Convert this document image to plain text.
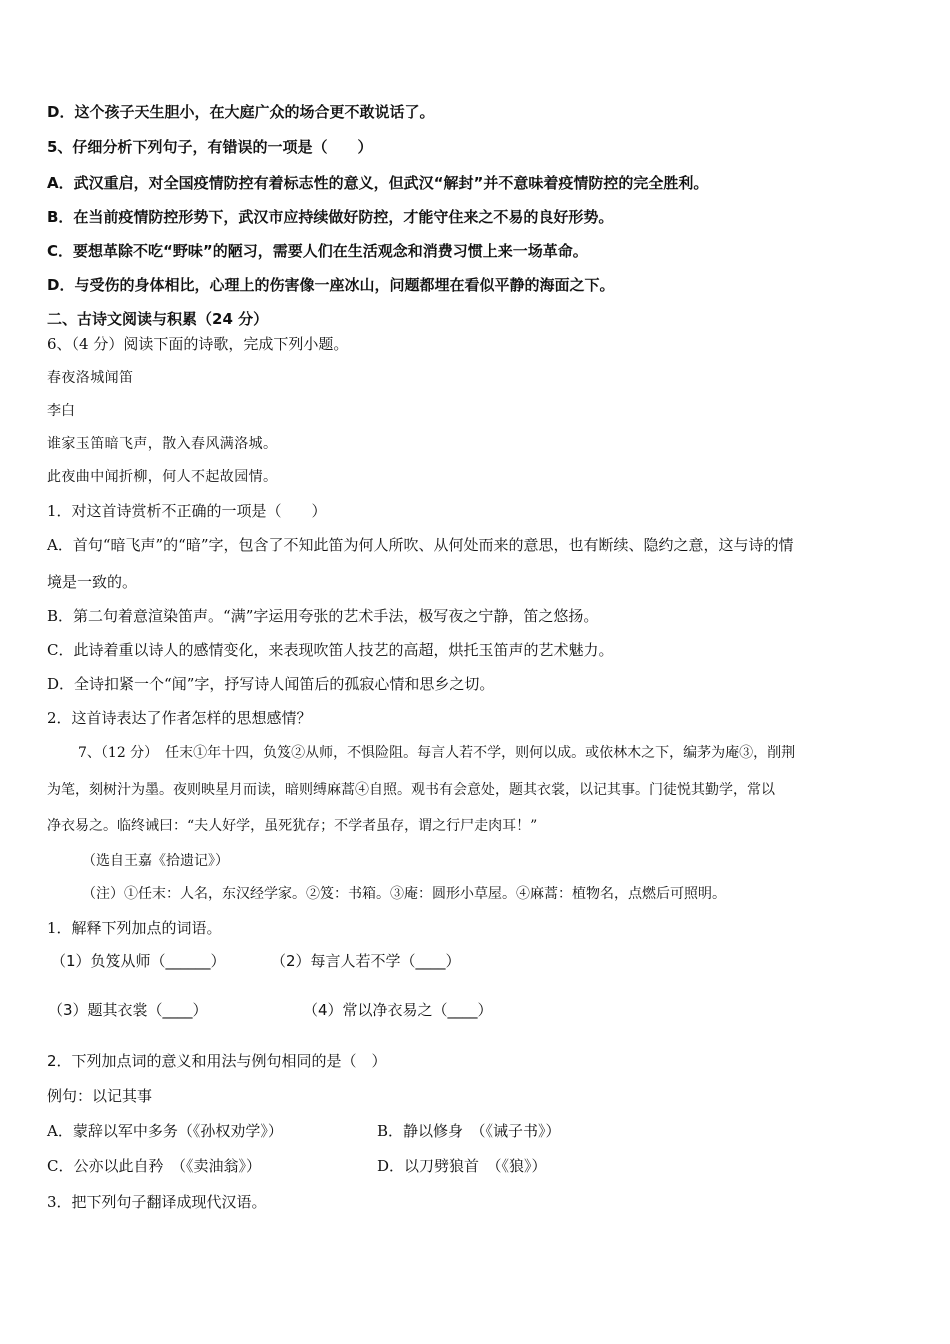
D．这个孩子天生胆小，在大庭广众的场合更不敢说话了。
5、仔细分析下列句子，有错误的一项是（　　）
A．武汉重启，对全国疫情防控有着标志性的意义，但武汉“解封”并不意味着疫情防控的完全胜利。
B．在当前疫情防控形势下，武汉市应持续做好防控，才能守住来之不易的良好形势。
C．要想革除不吃“野味”的陋习，需要人们在生活观念和消费习惯上来一场革命。
D．与受伤的身体相比，心理上的伤害像一座冰山，问题都埋在看似平静的海面之下。
二、古诗文阅读与积累（24 分）
6、（4 分）阅读下面的诗歌，完成下列小题。
春夜洛城闻笛
李白
谁家玉笛暗飞声，散入春风满洛城。
此夜曲中闻折柳，何人不起故园情。
1．对这首诗赏析不正确的一项是（　　）
A．首句“暗飞声”的“暗”字，包含了不知此笛为何人所吹、从何处而来的意思，也有断续、隐约之意，这与诗的情
境是一致的。
B．第二句着意渲染笛声。“满”字运用夸张的艺术手法，极写夜之宁静，笛之悠扬。
C．此诗着重以诗人的感情变化，来表现吹笛人技艺的高超，烘托玉笛声的艺术魅力。
D．全诗扣紧一个“闻”字，抒写诗人闻笛后的孤寂心情和思乡之切。
2．这首诗表达了作者怎样的思想感情？
7、（12 分）　任末①年十四，负笈②从师，不惧险阻。每言人若不学，则何以成。或依林木之下，编茅为庵③，削荆
为笔，刻树汁为墨。夜则映星月而读，暗则缚麻蒿④自照。观书有会意处，题其衣裳，以记其事。门徒悦其勤学，常以
净衣易之。临终诫曰：“夫人好学，虽死犹存；不学者虽存，谓之行尸走肉耳！”
（选自王嘉《拾遗记》）
（注）①任末：人名，东汉经学家。②笈：书箱。③庵：圆形小草屋。④麻蒿：植物名，点燃后可照明。
1．解释下列加点的词语。
（1）负笈从师（______）	（2）每言人若不学（____）
（3）题其衣裳（____）	（4）常以净衣易之（____）
2．下列加点词的意义和用法与例句相同的是（　）
例句：以记其事
A．蒙辞以军中多务（《孙权劝学》）	B．静以修身　（《诫子书》）
C．公亦以此自矜　（《卖油翁》）	D．以刀劈狼首　（《狼》）
3．把下列句子翻译成现代汉语。
